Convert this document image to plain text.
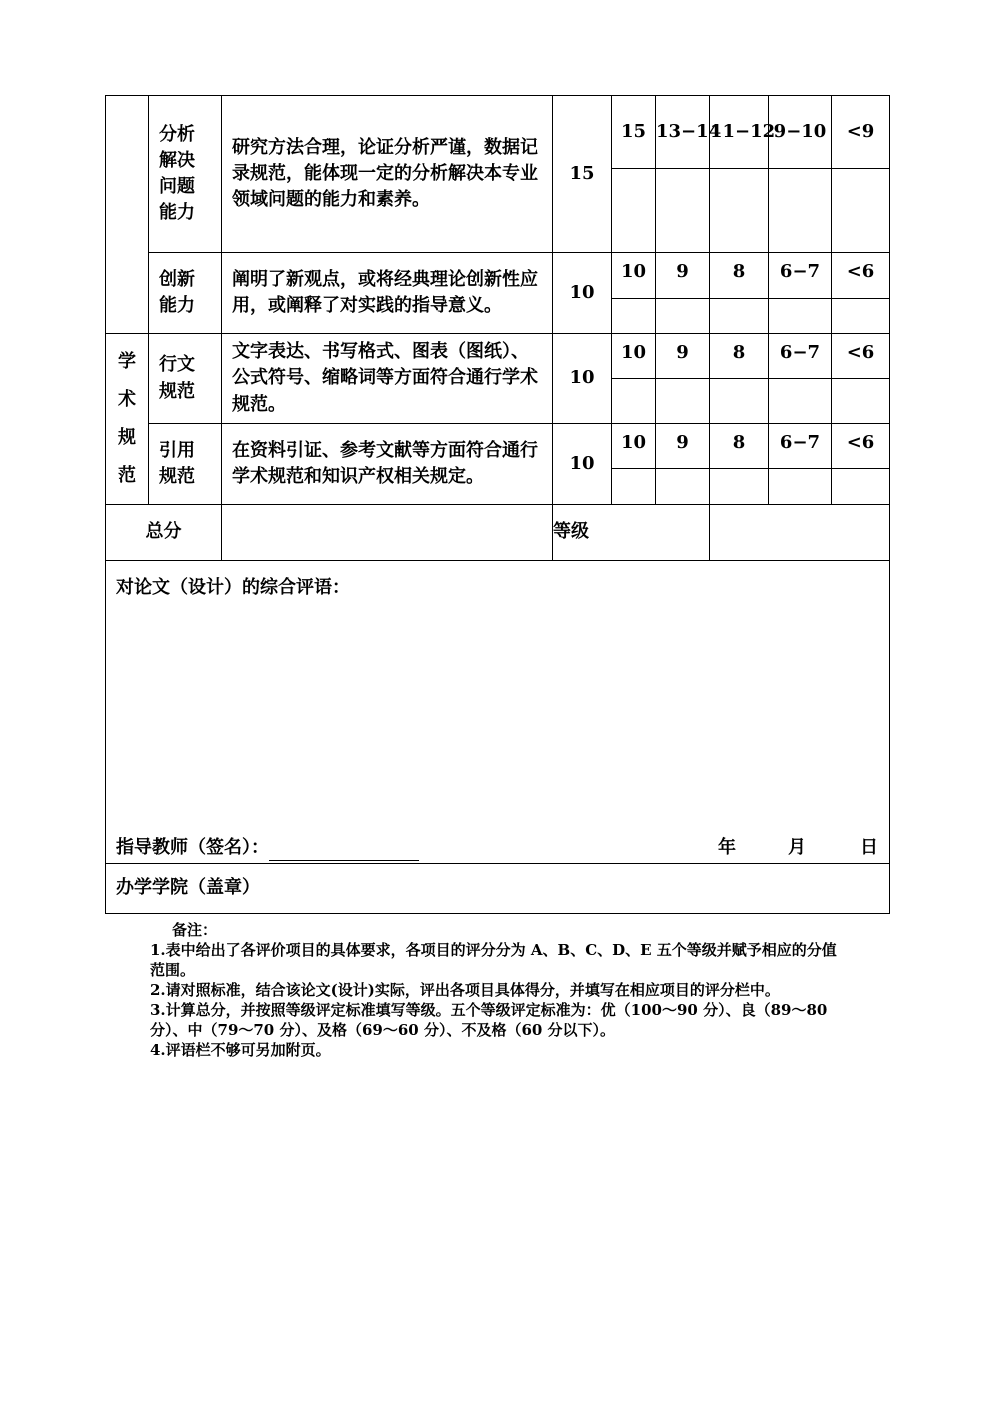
	分析解决问题能力	研究方法合理，论证分析严谨，数据记录规范，能体现一定的分析解决本专业领域问题的能力和素养。	15	15	13−14	11−12	9−10	<9

	创新能力	阐明了新观点，或将经典理论创新性应用，或阐释了对实践的指导意义。	10	10	9	8	6−7	<6

学术规范	行文规范	文字表达、书写格式、图表（图纸）、公式符号、缩略词等方面符合通行学术规范。	10	10	9	8	6−7	<6

	引用规范	在资料引证、参考文献等方面符合通行学术规范和知识产权相关规定。	10	10	9	8	6−7	<6

总分			等级					

对论文（设计）的综合评语：
指导教师（签名）： 年 月 日								

办学学院（盖章）								

备注：

1.表中给出了各评价项目的具体要求，各项目的评分分为 A、B、C、D、E 五个等级并赋予相应的分值范围。

2.请对照标准，结合该论文(设计)实际，评出各项目具体得分，并填写在相应项目的评分栏中。

3.计算总分，并按照等级评定标准填写等级。五个等级评定标准为：优（100～90 分）、良（89～80 分）、中（79～70 分）、及格（69～60 分）、不及格（60 分以下）。

4.评语栏不够可另加附页。
